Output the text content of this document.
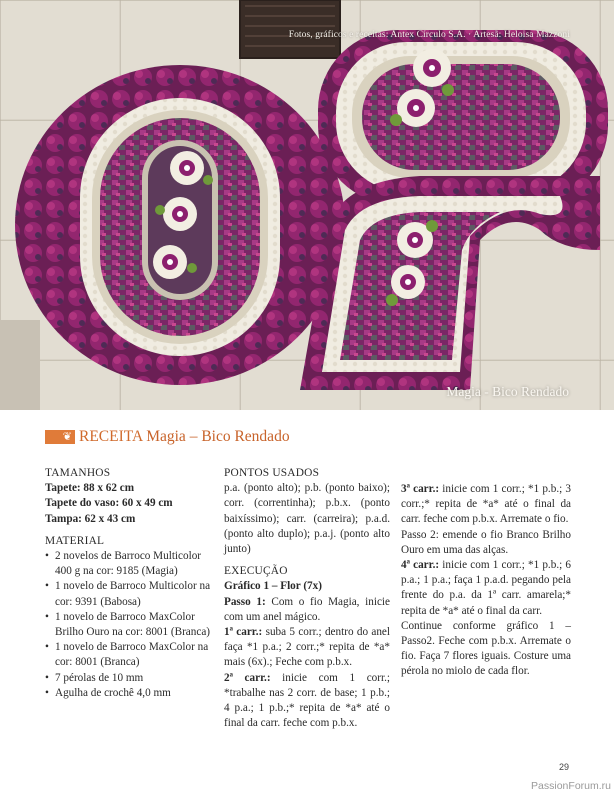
Fotos, gráficos e receitas: Antex Círculo S.A. · Artesã: Heloisa Mazzoni
Magia - Bico Rendado
❦ RECEITA Magia – Bico Rendado

TAMANHOS

Tapete: 88 x 62 cm

Tapete do vaso: 60 x 49 cm

Tampa: 62 x 43 cm

MATERIAL

• 2 novelos de Barroco Multicolor 400 g na cor: 9185 (Magia)
• 1 novelo de Barroco Multicolor na cor: 9391 (Babosa)
• 1 novelo de Barroco MaxColor Brilho Ouro na cor: 8001 (Branca)
• 1 novelo de Barroco MaxColor na cor: 8001 (Branca)
• 7 pérolas de 10 mm
• Agulha de crochê 4,0 mm

PONTOS USADOS

p.a. (ponto alto); p.b. (ponto baixo); corr. (correntinha); p.b.x. (ponto baixíssimo); carr. (carreira); p.a.d. (ponto alto duplo); p.a.j. (ponto alto junto)

EXECUÇÃO

Gráfico 1 – Flor (7x)

Passo 1: Com o fio Magia, inicie com um anel mágico.

1ª carr.: suba 5 corr.; dentro do anel faça *1 p.a.; 2 corr.;* repita de *a* mais (6x).; Feche com p.b.x.

2ª carr.: inicie com 1 corr.; *trabalhe nas 2 corr. de base; 1 p.b.; 4 p.a.; 1 p.b.;* repita de *a* até o final da carr. feche com p.b.x.

3ª carr.: inicie com 1 corr.; *1 p.b.; 3 corr.;* repita de *a* até o final da carr. feche com p.b.x. Arremate o fio.

Passo 2: emende o fio Branco Brilho Ouro em uma das alças.

4ª carr.: inicie com 1 corr.; *1 p.b.; 6 p.a.; 1 p.a.; faça 1 p.a.d. pegando pela frente do p.a. da 1ª carr. amarela;* repita de *a* até o final da carr.

Continue conforme gráfico 1 – Passo2. Feche com p.b.x. Arremate o fio. Faça 7 flores iguais. Costure uma pérola no miolo de cada flor.

29
PassionForum.ru
